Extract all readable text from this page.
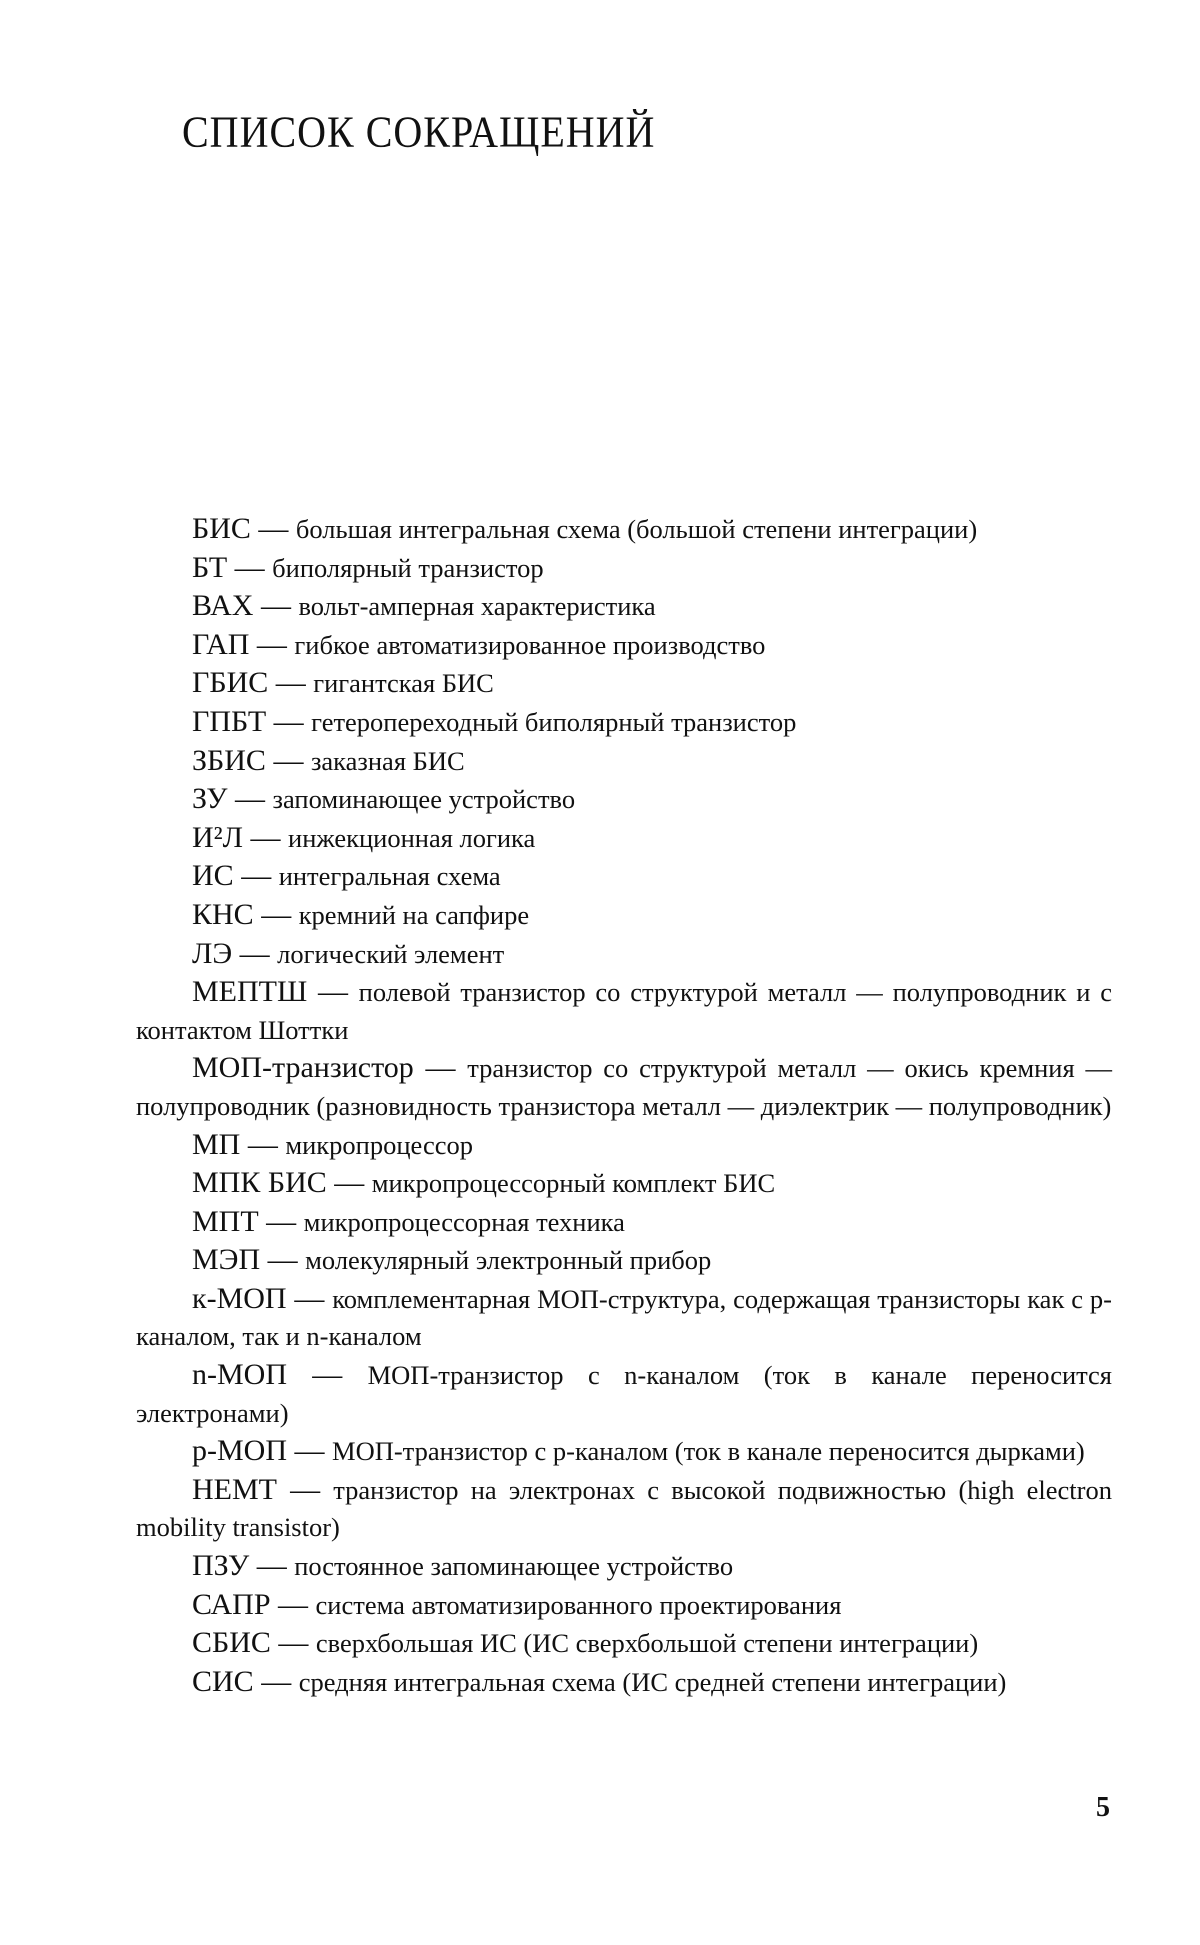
СПИСОК СОКРАЩЕНИЙ

БИС — большая интегральная схема (большой степени интеграции)

БТ — биполярный транзистор

ВАХ — вольт-амперная характеристика

ГАП — гибкое автоматизированное производство

ГБИС — гигантская БИС

ГПБТ — гетеропереходный биполярный транзистор

ЗБИС — заказная БИС

ЗУ — запоминающее устройство

И²Л — инжекционная логика

ИС — интегральная схема

КНС — кремний на сапфире

ЛЭ — логический элемент

МЕПТШ — полевой транзистор со структурой металл — полупроводник и с контактом Шоттки

МОП-транзистор — транзистор со структурой металл — окись кремния — полупроводник (разновидность транзистора металл — диэлектрик — полупроводник)

МП — микропроцессор

МПК БИС — микропроцессорный комплект БИС

МПТ — микропроцессорная техника

МЭП — молекулярный электронный прибор

к-МОП — комплементарная МОП-структура, содержащая транзисторы как с p-каналом, так и n-каналом

n-МОП — МОП-транзистор с n-каналом (ток в канале переносится электронами)

p-МОП — МОП-транзистор с p-каналом (ток в канале переносится дырками)

НЕМТ — транзистор на электронах с высокой подвижностью (high electron mobility transistor)

ПЗУ — постоянное запоминающее устройство

САПР — система автоматизированного проектирования

СБИС — сверхбольшая ИС (ИС сверхбольшой степени интеграции)

СИС — средняя интегральная схема (ИС средней степени интеграции)

5
